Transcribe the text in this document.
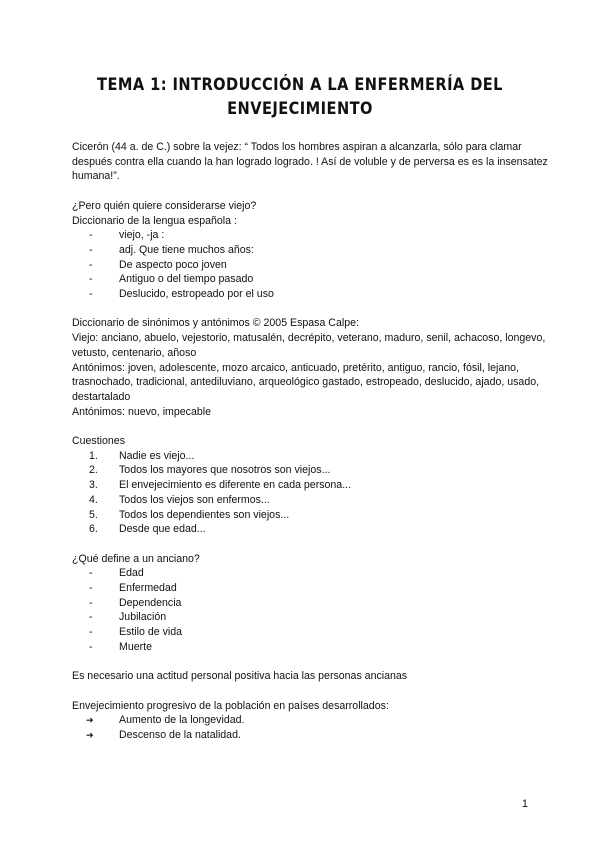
TEMA 1: INTRODUCCIÓN A LA ENFERMERÍA DEL
ENVEJECIMIENTO

Cicerón (44 a. de C.) sobre la vejez: “ Todos los hombres aspiran a alcanzarla, sólo para clamar después contra ella cuando la han logrado logrado. ! Así de voluble y de perversa es es la insensatez humana!”.

¿Pero quién quiere considerarse viejo?

Diccionario de la lengua española :

- viejo, -ja :
- adj. Que tiene muchos años:
- De aspecto poco joven
- Antiguo o del tiempo pasado
- Deslucido, estropeado por el uso

Diccionario de sinónimos y antónimos © 2005 Espasa Calpe:

Viejo: anciano, abuelo, vejestorio, matusalén, decrépito, veterano, maduro, senil, achacoso, longevo, vetusto, centenario, añoso

Antónimos: joven, adolescente, mozo arcaico, anticuado, pretérito, antiguo, rancio, fósil, lejano, trasnochado, tradicional, antediluviano, arqueológico gastado, estropeado, deslucido, ajado, usado, destartalado

Antónimos: nuevo, impecable

Cuestiones

1. Nadie es viejo...
2. Todos los mayores que nosotros son viejos...
3. El envejecimiento es diferente en cada persona...
4. Todos los viejos son enfermos...
5. Todos los dependientes son viejos...
6. Desde que edad...

¿Qué define a un anciano?

- Edad
- Enfermedad
- Dependencia
- Jubilación
- Estilo de vida
- Muerte

Es necesario una actitud personal positiva hacia las personas ancianas

Envejecimiento progresivo de la población en países desarrollados:

➔ Aumento de la longevidad.
➔ Descenso de la natalidad.
1
